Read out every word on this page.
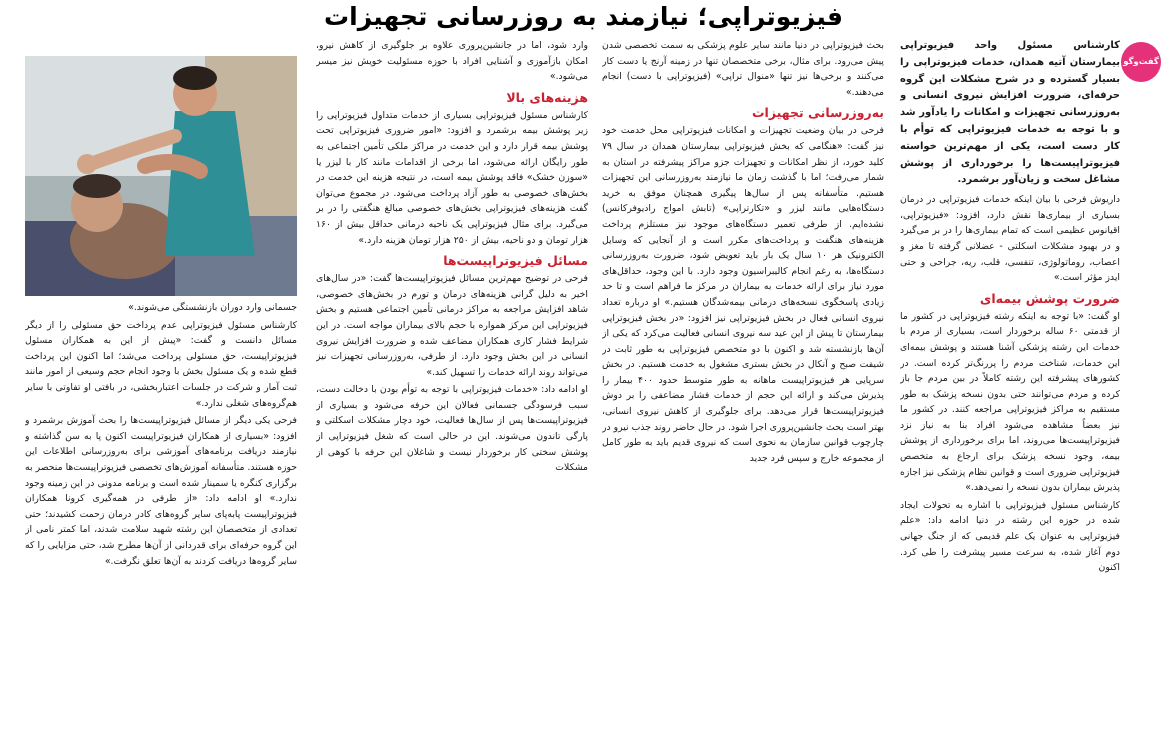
فیزیوتراپی؛ نیازمند به روزرسانی تجهیزات
گفت‌وگو

کارشناس مسئول واحد فیزیوتراپی بیمارستان آتیه همدان، خدمات فیزیوتراپی را بسیار گسترده و در شرح مشکلات این گروه حرفه‌ای، ضرورت افزایش نیروی انسانی و به‌روزرسانی تجهیزات و امکانات را یادآور شد و با توجه به خدمات فیزیوتراپی که توأم با کار دست است، یکی از مهم‌ترین خواسته فیزیوتراپیست‌ها را برخورداری از پوشش مشاغل سخت و زیان‌آور برشمرد.

داریوش فرحی با بیان اینکه خدمات فیزیوتراپی در درمان بسیاری از بیماری‌ها نقش دارد، افزود: «فیزیوتراپی، اقیانوس عظیمی است که تمام بیماری‌ها را در بر می‌گیرد و در بهبود مشکلات اسکلتی - عضلانی گرفته تا مغز و اعصاب، روماتولوژی، تنفسی، قلب، ریه، جراحی و حتی ایدز مؤثر است.»

ضرورت پوشش بیمه‌ای

او گفت: «با توجه به اینکه رشته فیزیوتراپی در کشور ما از قدمتی ۶۰ ساله برخوردار است، بسیاری از مردم با خدمات این رشته پزشکی آشنا هستند و پوشش بیمه‌ای این خدمات، شناخت مردم را پررنگ‌تر کرده است. در کشورهای پیشرفته این رشته کاملاً در بین مردم جا باز کرده و مردم می‌توانند حتی بدون نسخه پزشک به طور مستقیم به مراکز فیزیوتراپی مراجعه کنند. در کشور ما نیز بعضاً مشاهده می‌شود افراد بنا به نیاز نزد فیزیوتراپیست‌ها می‌روند، اما برای برخورداری از پوشش بیمه، وجود نسخه پزشک برای ارجاع به متخصص فیزیوتراپی ضروری است و قوانین نظام پزشکی نیز اجازه پذیرش بیماران بدون نسخه را نمی‌دهد.»

کارشناس مسئول فیزیوتراپی با اشاره به تحولات ایجاد شده در حوزه این رشته در دنیا ادامه داد: «علم فیزیوتراپی به عنوان یک علم قدیمی که از جنگ جهانی دوم آغاز شده، به سرعت مسیر پیشرفت را طی کرد. اکنون

بحث فیزیوتراپی در دنیا مانند سایر علوم پزشکی به سمت تخصصی شدن پیش می‌رود. برای مثال، برخی متخصصان تنها در زمینه آرنج یا دست کار می‌کنند و برخی‌ها نیز تنها «منوال تراپی» (فیزیوتراپی با دست) انجام می‌دهند.»

به‌روزرسانی تجهیزات

فرحی در بیان وضعیت تجهیزات و امکانات فیزیوتراپی محل خدمت خود نیز گفت: «هنگامی که بخش فیزیوتراپی بیمارستان همدان در سال ۷۹ کلید خورد، از نظر امکانات و تجهیزات جزو مراکز پیشرفته در استان به شمار می‌رفت؛ اما با گذشت زمان ما نیازمند به‌روزرسانی این تجهیزات هستیم. متأسفانه پس از سال‌ها پیگیری همچنان موفق به خرید دستگاه‌هایی مانند لیزر و «تکارتراپی» (تابش امواج رادیوفرکانس) نشده‌ایم. از طرفی تعمیر دستگاه‌های موجود نیز مستلزم پرداخت هزینه‌های هنگفت و پرداخت‌های مکرر است و از آنجایی که وسایل الکترونیک هر ۱۰ سال یک بار باید تعویض شود، ضرورت به‌روزرسانی دستگاه‌ها، به رغم انجام کالیبراسیون وجود دارد. با این وجود، حداقل‌های مورد نیاز برای ارائه خدمات به بیماران در مرکز ما فراهم است و تا حد زیادی پاسخگوی نسخه‌های درمانی بیمه‌شدگان هستیم.» او درباره تعداد نیروی انسانی فعال در بخش فیزیوتراپی نیز افزود: «در بخش فیزیوتراپی بیمارستان تا پیش از این عید سه نیروی انسانی فعالیت می‌کرد که یکی از آن‌ها بازنشسته شد و اکنون با دو متخصص فیزیوتراپی به طور ثابت در شیفت صبح و آنکال در بخش بستری مشغول به خدمت هستیم. در بخش سرپایی هر فیزیوتراپیست ماهانه به طور متوسط حدود ۴۰۰ بیمار را پذیرش می‌کند و ارائه این حجم از خدمات فشار مضاعفی را بر دوش فیزیوتراپیست‌ها قرار می‌دهد. برای جلوگیری از کاهش نیروی انسانی، بهتر است بحث جانشین‌پروری اجرا شود. در حال حاضر روند جذب نیرو در چارچوب قوانین سازمان به نحوی است که نیروی قدیم باید به طور کامل از مجموعه خارج و سپس فرد جدید

وارد شود، اما در جانشین‌پروری علاوه بر جلوگیری از کاهش نیرو، امکان بازآموزی و آشنایی افراد با حوزه مسئولیت خویش نیز میسر می‌شود.»

هزینه‌های بالا

کارشناس مسئول فیزیوتراپی بسیاری از خدمات متداول فیزیوتراپی را زیر پوشش بیمه برشمرد و افزود: «امور ضروری فیزیوتراپی تحت پوشش بیمه قرار دارد و این خدمت در مراکز ملکی تأمین اجتماعی به طور رایگان ارائه می‌شود، اما برخی از اقدامات مانند کار با لیزر یا «سوزن خشک» فاقد پوشش بیمه است، در نتیجه هزینه این خدمت در بخش‌های خصوصی به طور آزاد پرداخت می‌شود. در مجموع می‌توان گفت هزینه‌های فیزیوتراپی بخش‌های خصوصی مبالغ هنگفتی را در بر می‌گیرد. برای مثال فیزیوتراپی یک ناحیه درمانی حداقل بیش از ۱۶۰ هزار تومان و دو ناحیه، بیش از ۲۵۰ هزار تومان هزینه دارد.»

مسائل فیزیوتراپیست‌ها

فرحی در توضیح مهم‌ترین مسائل فیزیوتراپیست‌ها گفت: «در سال‌های اخیر به دلیل گرانی هزینه‌های درمان و تورم در بخش‌های خصوصی، شاهد افزایش مراجعه به مراکز درمانی تأمین اجتماعی هستیم و بخش فیزیوتراپی این مرکز همواره با حجم بالای بیماران مواجه است. در این شرایط فشار کاری همکاران مضاعف شده و ضرورت افزایش نیروی انسانی در این بخش وجود دارد. از طرفی، به‌روزرسانی تجهیزات نیز می‌تواند روند ارائه خدمات را تسهیل کند.»

او ادامه داد: «خدمات فیزیوتراپی با توجه به توأم بودن با دخالت دست، سبب فرسودگی جسمانی فعالان این حرفه می‌شود و بسیاری از فیزیوتراپیست‌ها پس از سال‌ها فعالیت، خود دچار مشکلات اسکلتی و پارگی تاندون می‌شوند. این در حالی است که شغل فیزیوتراپی از پوشش سختی کار برخوردار نیست و شاغلان این حرفه با کوهی از مشکلات

جسمانی وارد دوران بازنشستگی می‌شوند.»

کارشناس مسئول فیزیوتراپی عدم پرداخت حق مسئولی را از دیگر مسائل دانست و گفت: «پیش از این به همکاران مسئول فیزیوتراپیست، حق مسئولی پرداخت می‌شد؛ اما اکنون این پرداخت قطع شده و یک مسئول بخش با وجود انجام حجم وسیعی از امور مانند ثبت آمار و شرکت در جلسات اعتباربخشی، در بافتی او تفاوتی با سایر هم‌گروه‌های شغلی ندارد.»

فرحی یکی دیگر از مسائل فیزیوتراپیست‌ها را بحث آموزش برشمرد و افزود: «بسیاری از همکاران فیزیوتراپیست اکنون پا به سن گذاشته و نیازمند دریافت برنامه‌های آموزشی برای به‌روزرسانی اطلاعات این حوزه هستند. متأسفانه آموزش‌های تخصصی فیزیوتراپیست‌ها منحصر به برگزاری کنگره یا سمینار شده است و برنامه مدونی در این زمینه وجود ندارد.» او ادامه داد: «از طرفی در همه‌گیری کرونا همکاران فیزیوتراپیست پابه‌پای سایر گروه‌های کادر درمان زحمت کشیدند؛ حتی تعدادی از متخصصان این رشته شهید سلامت شدند، اما کمتر نامی از این گروه حرفه‌ای برای قدردانی از آن‌ها مطرح شد، حتی مزایایی را که سایر گروه‌ها دریافت کردند به آن‌ها تعلق نگرفت.»
